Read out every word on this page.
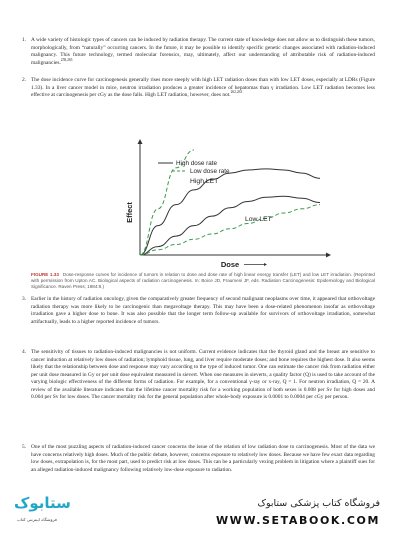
1. A wide variety of histologic types of cancers can be induced by radiation therapy. The current state of knowledge does not allow us to distinguish these tumors, morphologically, from “naturally” occurring cancers. In the future, it may be possible to identify specific genetic changes associated with radiation-induced malignancy. This future technology, termed molecular forensics, may, ultimately, affect our understanding of attributable risk of radiation-induced malignancies.$^{258,265}$
2. The dose incidence curve for carcinogenesis generally rises more steeply with high LET radiation doses than with low LET doses, especially at LDRs (Figure 1.33). In a liver cancer model in mice, neutron irradiation produces a greater incidence of hepatomas than γ irradiation. Low LET radiation becomes less effective at carcinogenesis per cGy as the dose falls. High LET radiation, however, does not.$^{262,263}$
High dose rate
Low dose rate
Dose
Effect
High LET
Low LET
FIGURE 1.33 Dose-response curves for incidence of tumors in relation to dose and dose rate of high linear energy transfer (LET) and low LET irradiation. (Reprinted with permission from Upton AC. Biological aspects of radiation carcinogenesis. In: Boice JD, Fraumeni JF, eds. Radiation Carcinogenesis: Epidemiology and Biological Significance. Raven Press; 1984:9.)
3. Earlier in the history of radiation oncology, given the comparatively greater frequency of second malignant neoplasms over time, it appeared that orthovoltage radiation therapy was more likely to be carcinogenic than megavoltage therapy. This may have been a dose-related phenomenon insofar as orthovoltage irradiation gave a higher dose to bone. It was also possible that the longer term follow-up available for survivors of orthovoltage irradiation, somewhat artifactually, leads to a higher reported incidence of tumors.
4. The sensitivity of tissues to radiation-induced malignancies is not uniform. Current evidence indicates that the thyroid gland and the breast are sensitive to cancer induction at relatively low doses of radiation; lymphoid tissue, lung, and liver require moderate doses; and bone requires the highest dose. It also seems likely that the relationship between dose and response may vary according to the type of induced tumor. One can estimate the cancer risk from radiation either per unit dose measured in Gy or per unit dose equivalent measured in sievert. When one measures in sieverts, a quality factor (Q) is used to take account of the varying biologic effectiveness of the different forms of radiation. For example, for a conventional γ-ray or x-ray, Q = 1. For neutron irradiation, Q = 20. A review of the available literature indicates that the lifetime cancer mortality risk for a working population of both sexes is 0.008 per Sv for high doses and 0.004 per Sv for low doses. The cancer mortality risk for the general population after whole-body exposure is 0.0001 to 0.0004 per cGy per person.
5. One of the most puzzling aspects of radiation-induced cancer concerns the issue of the relation of low radiation dose to carcinogenesis. Most of the data we have concerns relatively high doses. Much of the public debate, however, concerns exposure to relatively low doses. Because we have few exact data regarding low doses, extrapolation is, for the most part, used to predict risk at low doses. This can be a particularly vexing problem in litigation where a plaintiff sues for an alleged radiation-induced malignancy following relatively low-dose exposure to radiation.
ستابوک
فروشگاه اینترنتی کتاب
فروشگاه کتاب پزشکی ستابوک
WWW.SETABOOK.COM
